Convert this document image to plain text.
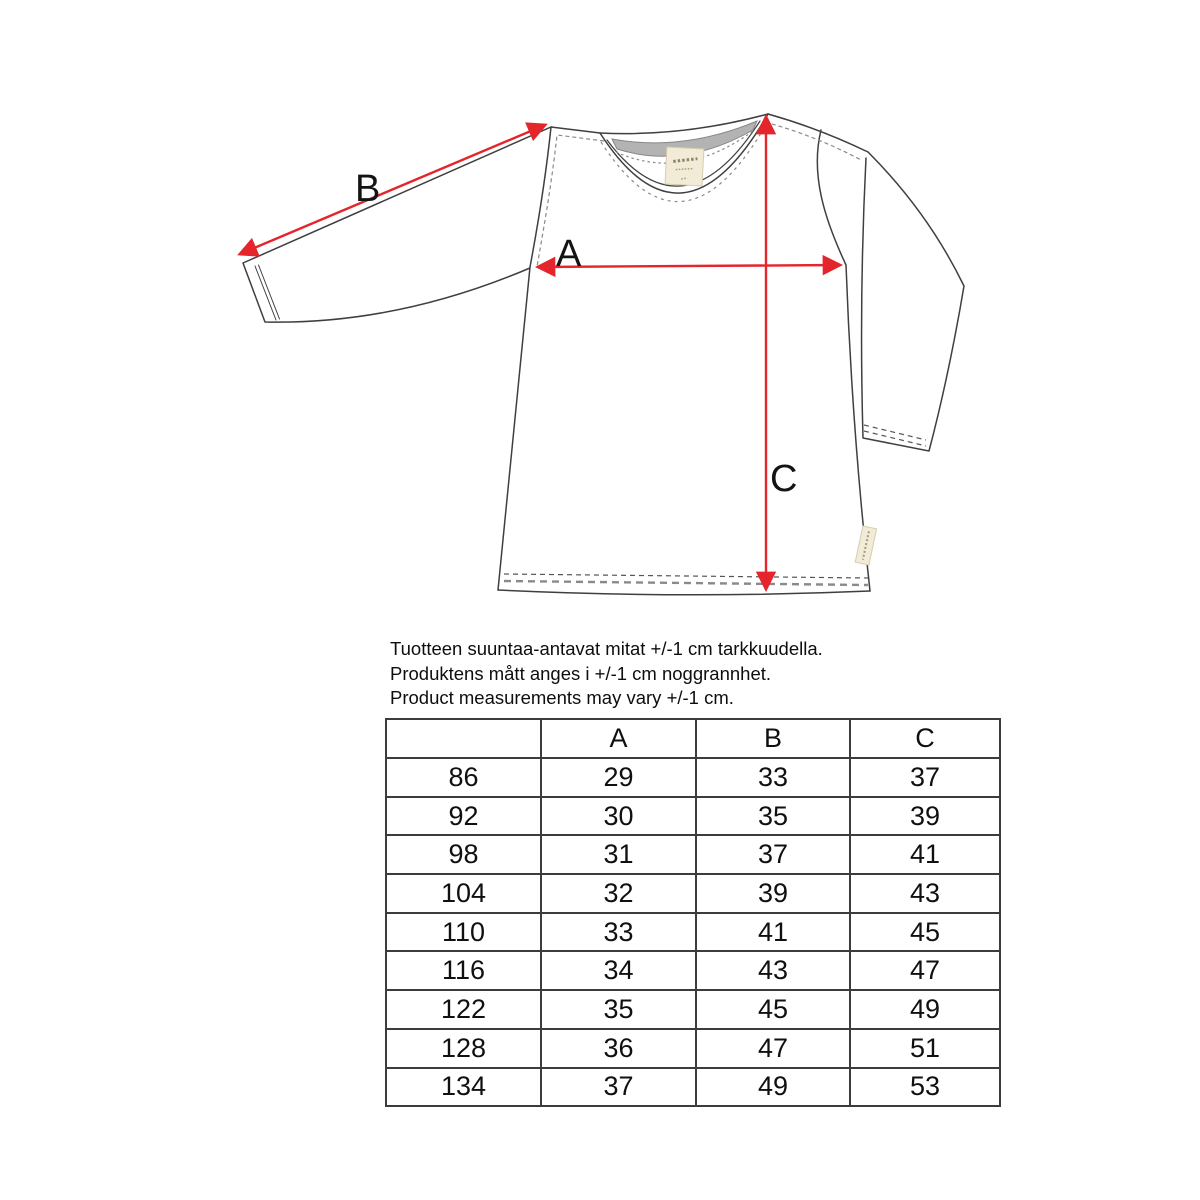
A
B
C
Tuotteen suuntaa-antavat mitat +/-1 cm tarkkuudella.
Produktens mått anges i +/-1 cm noggrannhet.
Product measurements may vary +/-1 cm.
	A	B	C
86	29	33	37
92	30	35	39
98	31	37	41
104	32	39	43
110	33	41	45
116	34	43	47
122	35	45	49
128	36	47	51
134	37	49	53
